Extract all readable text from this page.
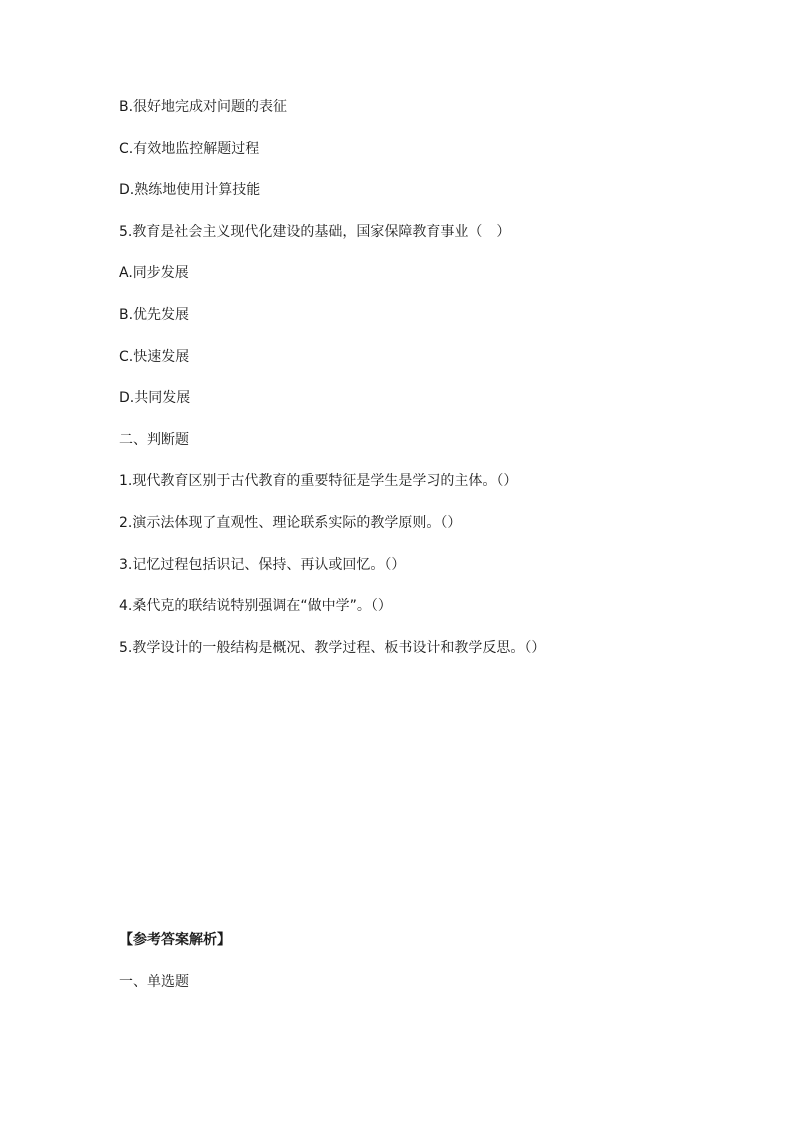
B.很好地完成对问题的表征
C.有效地监控解题过程
D.熟练地使用计算技能
5.教育是社会主义现代化建设的基础，国家保障教育事业（　）
A.同步发展
B.优先发展
C.快速发展
D.共同发展
二、判断题
1.现代教育区别于古代教育的重要特征是学生是学习的主体。（）
2.演示法体现了直观性、理论联系实际的教学原则。（）
3.记忆过程包括识记、保持、再认或回忆。（）
4.桑代克的联结说特别强调在“做中学”。（）
5.教学设计的一般结构是概况、教学过程、板书设计和教学反思。（）
【参考答案解析】
一、单选题
